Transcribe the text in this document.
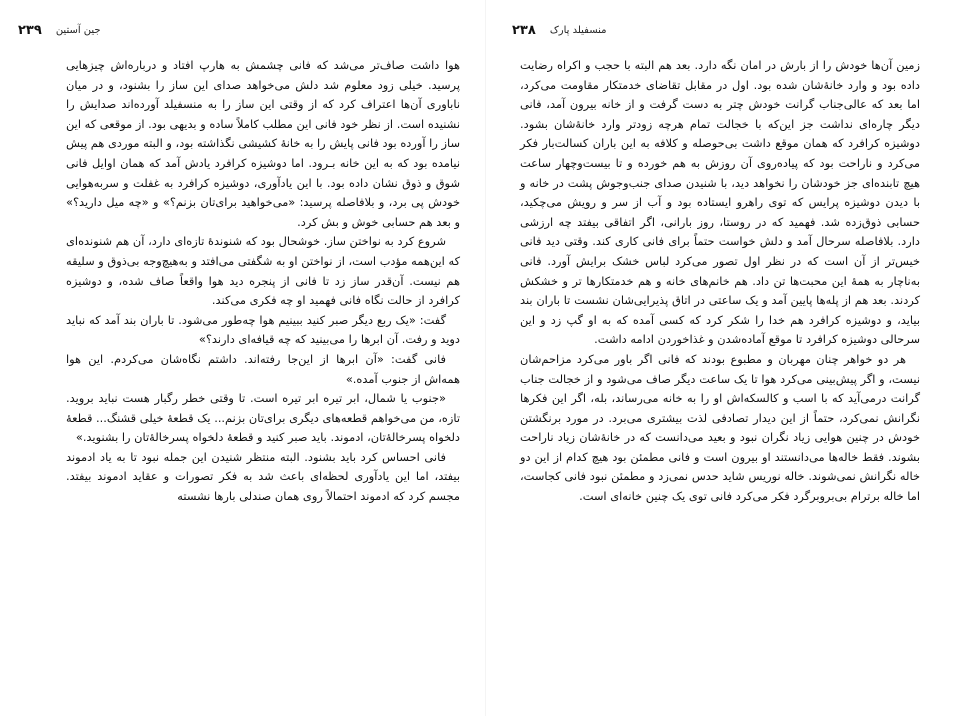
۲۳۹ جین آستین

هوا داشت صاف‌تر می‌شد که فانی چشمش به هارپ افتاد و درباره‌اش چیزهایی پرسید. خیلی زود معلوم شد دلش می‌خواهد صدای این ساز را بشنود، و در میان ناباوری آن‌ها اعتراف کرد که از وقتی این ساز را به منسفیلد آورده‌اند صدایش را نشنیده است. از نظر خود فانی این مطلب کاملاً ساده و بدیهی بود. از موقعی که این ساز را آورده بود فانی پایش را به خانهٔ کشیشی نگذاشته بود، و البته موردی هم پیش نیامده بود که به این خانه بـرود. اما دوشیزه کرافرد یادش آمد که همان اوایل فانی شوق و ذوق نشان داده بود. با این یادآوری، دوشیزه کرافرد به غفلت و سربه‌هوایی خودش پی برد، و بلافاصله پرسید: «می‌خواهید برای‌تان بزنم؟» و «چه میل دارید؟» و بعد هم حسابی خوش و بش کرد.

شروع کرد به نواختن ساز. خوشحال بود که شنوندهٔ تازه‌ای دارد، آن هم شنونده‌ای که این‌همه مؤدب است، از نواختن او به شگفتی می‌افتد و به‌هیچ‌وجه بی‌ذوق و سلیقه هم نیست. آن‌قدر ساز زد تا فانی از پنجره دید هوا واقعاً صاف شده، و دوشیزه کرافرد از حالت نگاه فانی فهمید او چه فکری می‌کند.

گفت: «یک ربع دیگر صبر کنید ببینیم هوا چه‌طور می‌شود. تا باران بند آمد که نباید دوید و رفت. آن ابرها را می‌بینید که چه قیافه‌ای دارند؟»

فانی گفت: «آن ابرها از این‌جا رفته‌اند. داشتم نگاه‌شان می‌کردم. این هوا همه‌اش از جنوب آمده.»

«جنوب یا شمال، ابر تیره ابر تیره است. تا وقتی خطر رگبار هست نباید بروید. تازه، من می‌خواهم قطعه‌های دیگری برای‌تان بزنم... یک قطعهٔ خیلی قشنگ... قطعهٔ دلخواه پسرخالهٔ‌تان، ادموند. باید صبر کنید و قطعهٔ دلخواه پسرخالهٔ‌تان را بشنوید.»

فانی احساس کرد باید بشنود. البته منتظر شنیدن این جمله نبود تا به یاد ادموند بیفتد، اما این یادآوری لحظه‌ای باعث شد به فکر تصورات و عقاید ادموند بیفتد. مجسم کرد که ادموند احتمالاً روی همان صندلی بارها نشسته

۲۳۸ منسفیلد پارک

زمین آن‌ها خودش را از بارش در امان نگه دارد. بعد هم البته با حجب و اکراه رضایت داده بود و وارد خانهٔ‌شان شده بود. اول در مقابل تقاضای خدمتکار مقاومت می‌کرد، اما بعد که عالی‌جناب گرانت خودش چتر به دست گرفت و از خانه بیرون آمد، فانی دیگر چاره‌ای نداشت جز این‌که با خجالت تمام هرچه زودتر وارد خانهٔ‌شان بشود. دوشیزه کرافرد که همان موقع داشت بی‌حوصله و کلافه به این باران کسالت‌بار فکر می‌کرد و ناراحت بود که پیاده‌روی آن روزش به هم خورده و تا بیست‌وچهار ساعت هیچ تابنده‌ای جز خودشان را نخواهد دید، با شنیدن صدای جنب‌وجوش پشت در خانه و با دیدن دوشیزه پرایس که توی راهرو ایستاده بود و آب از سر و رویش می‌چکید، حسابی ذوق‌زده شد. فهمید که در روستا، روز بارانی، اگر اتفاقی بیفتد چه ارزشی دارد. بلافاصله سرحال آمد و دلش خواست حتماً برای فانی کاری کند. وقتی دید فانی خیس‌تر از آن است که در نظر اول تصور می‌کرد لباس خشک برایش آورد. فانی به‌ناچار به همهٔ این محبت‌ها تن داد. هم خانم‌های خانه و هم خدمتکارها تر و خشکش کردند. بعد هم از پله‌ها پایین آمد و یک ساعتی در اتاق پذیرایی‌شان نشست تا باران بند بیاید، و دوشیزه کرافرد هم خدا را شکر کرد که کسی آمده که به او گپ زد و این سرحالی دوشیزه کرافرد تا موقع آماده‌شدن و غذاخوردن ادامه داشت.

هر دو خواهر چنان مهربان و مطبوع بودند که فانی اگر باور می‌کرد مزاحم‌شان نیست، و اگر پیش‌بینی می‌کرد هوا تا یک ساعت دیگر صاف می‌شود و از خجالت جناب گرانت درمی‌آید که با اسب و کالسکه‌اش او را به خانه می‌رساند، بله، اگر این فکرها نگرانش نمی‌کرد، حتماً از این دیدار تصادفی لذت بیشتری می‌برد. در مورد برنگشتن خودش در چنین هوایی زیاد نگران نبود و بعید می‌دانست که در خانهٔ‌شان زیاد ناراحت بشوند. فقط خاله‌ها می‌دانستند او بیرون است و فانی مطمئن بود هیچ کدام از این دو خاله نگرانش نمی‌شوند. خاله نوریس شاید حدس نمی‌زد و مطمئن نبود فانی کجاست، اما خاله برترام بی‌بروبرگرد فکر می‌کرد فانی توی یک چنین خانه‌ای است.
